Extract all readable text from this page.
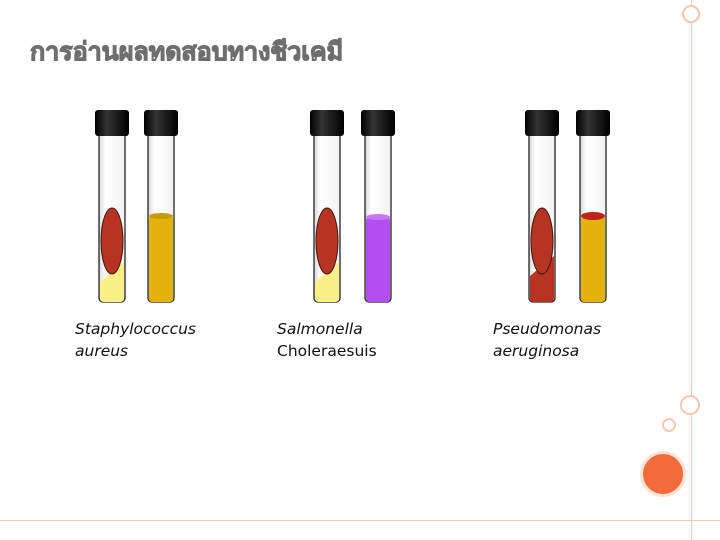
การอ่านผลทดสอบทางชีวเคมี
Staphylococcus
aureus
Salmonella
Choleraesuis
Pseudomonas
aeruginosa
